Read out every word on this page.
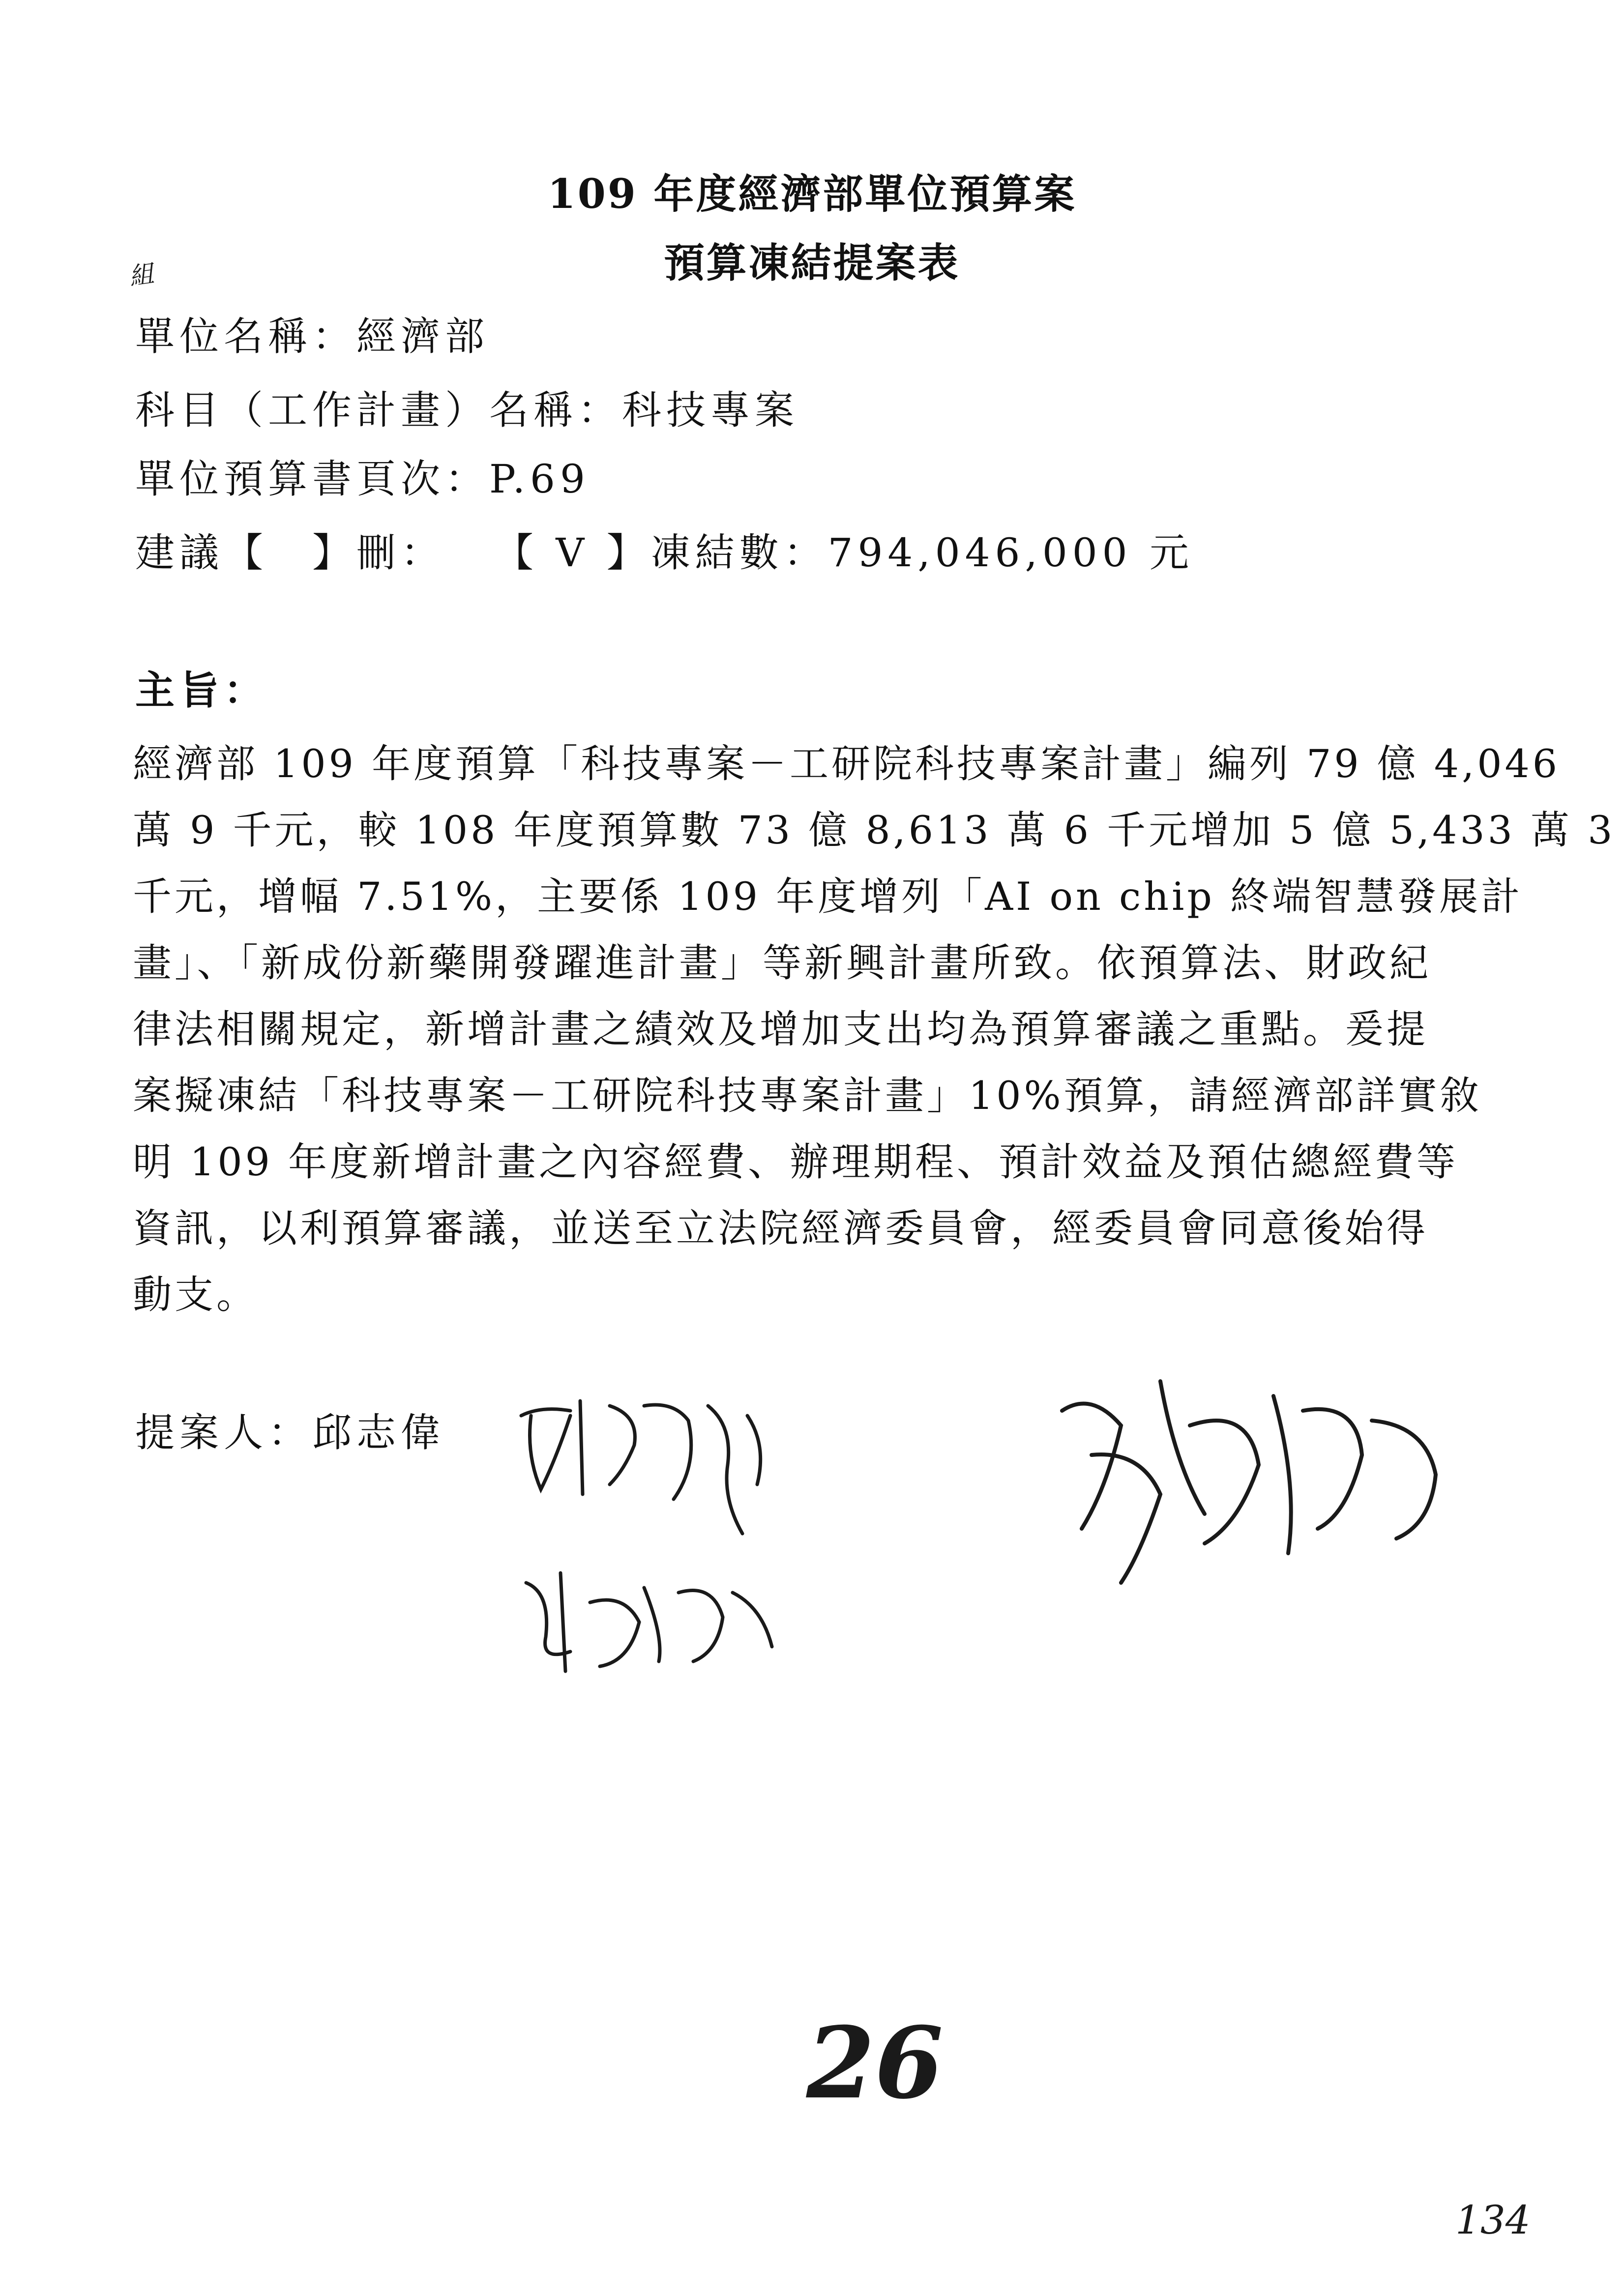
109 年度經濟部單位預算案
預算凍結提案表
組
單位名稱：經濟部
科目（工作計畫）名稱：科技專案
單位預算書頁次：P.69
建議【　】刪：　　【 V 】凍結數：794,046,000 元
主旨：
經濟部 109 年度預算「科技專案－工研院科技專案計畫」編列 79 億 4,046
萬 9 千元，較 108 年度預算數 73 億 8,613 萬 6 千元增加 5 億 5,433 萬 3
千元，增幅 7.51%，主要係 109 年度增列「AI on chip 終端智慧發展計
畫」、「新成份新藥開發躍進計畫」等新興計畫所致。依預算法、財政紀
律法相關規定，新增計畫之績效及增加支出均為預算審議之重點。爰提
案擬凍結「科技專案－工研院科技專案計畫」10%預算，請經濟部詳實敘
明 109 年度新增計畫之內容經費、辦理期程、預計效益及預估總經費等
資訊，以利預算審議，並送至立法院經濟委員會，經委員會同意後始得
動支。
提案人：邱志偉
26
134
